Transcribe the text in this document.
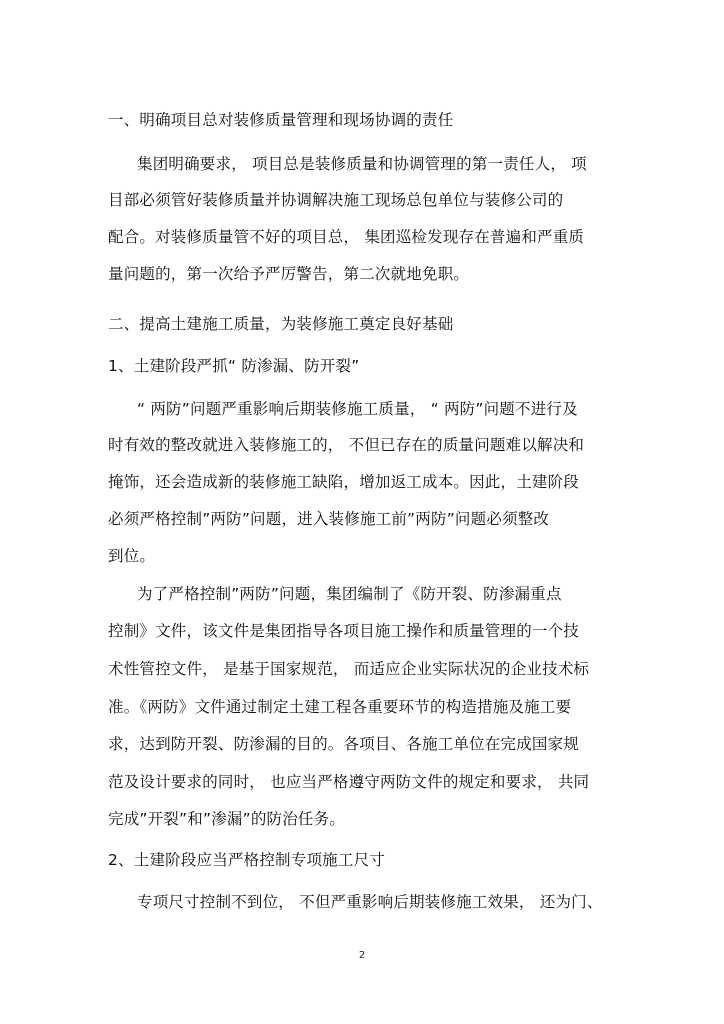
一、明确项目总对装修质量管理和现场协调的责任
集团明确要求， 项目总是装修质量和协调管理的第一责任人， 项
目部必须管好装修质量并协调解决施工现场总包单位与装修公司的
配合。对装修质量管不好的项目总， 集团巡检发现存在普遍和严重质
量问题的，第一次给予严厉警告，第二次就地免职。
二、提高土建施工质量，为装修施工奠定良好基础
1、土建阶段严抓“ 防渗漏、防开裂”
“ 两防”问题严重影响后期装修施工质量， “ 两防”问题不进行及
时有效的整改就进入装修施工的， 不但已存在的质量问题难以解决和
掩饰，还会造成新的装修施工缺陷，增加返工成本。因此，土建阶段
必须严格控制”两防”问题，进入装修施工前”两防”问题必须整改
到位。
为了严格控制”两防”问题，集团编制了《防开裂、防渗漏重点
控制》文件，该文件是集团指导各项目施工操作和质量管理的一个技
术性管控文件， 是基于国家规范， 而适应企业实际状况的企业技术标
准。《两防》文件通过制定土建工程各重要环节的构造措施及施工要
求，达到防开裂、防渗漏的目的。各项目、各施工单位在完成国家规
范及设计要求的同时， 也应当严格遵守两防文件的规定和要求， 共同
完成”开裂”和”渗漏”的防治任务。
2、土建阶段应当严格控制专项施工尺寸
专项尺寸控制不到位， 不但严重影响后期装修施工效果， 还为门、
2
